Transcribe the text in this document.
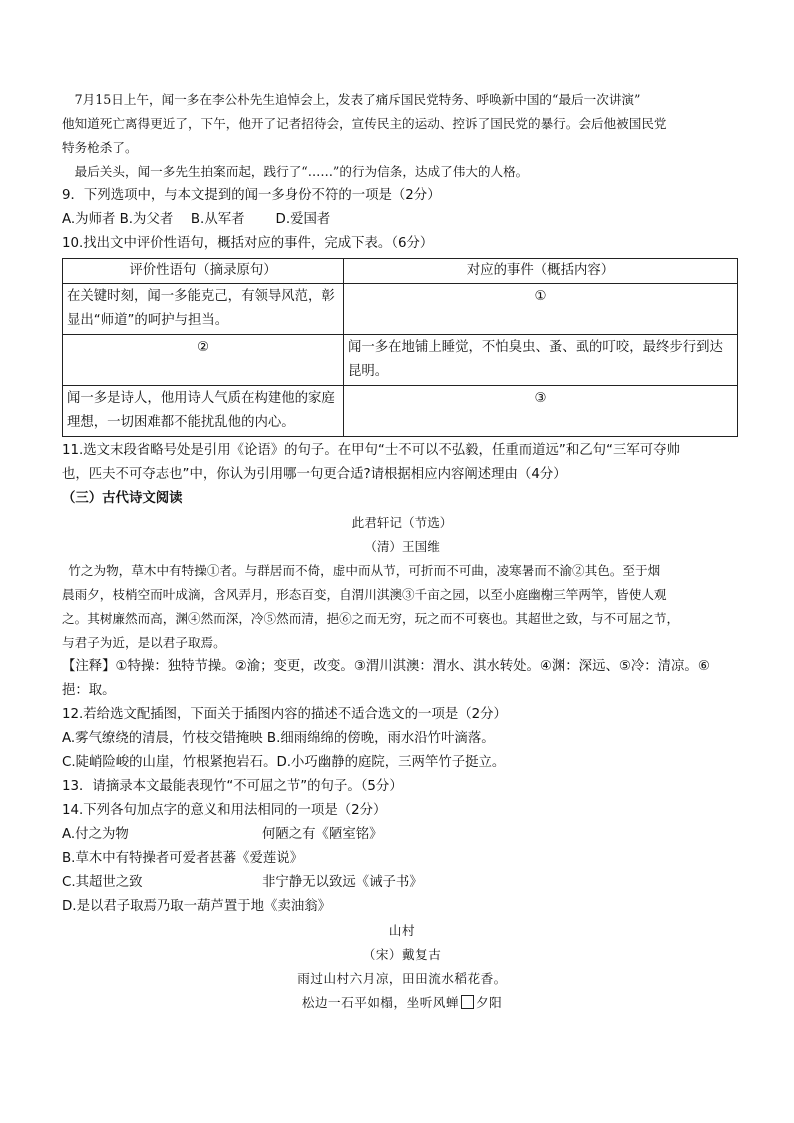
7月15日上午，闻一多在李公朴先生追悼会上，发表了痛斥国民党特务、呼唤新中国的“最后一次讲演”

他知道死亡离得更近了，下午，他开了记者招待会，宣传民主的运动、控诉了国民党的暴行。会后他被国民党

特务枪杀了。

最后关头，闻一多先生拍案而起，践行了“……”的行为信条，达成了伟大的人格。

9．下列选项中，与本文提到的闻一多身份不符的一项是（2分）

A.为师者 B.为父者　 B.从军者　　 D.爱国者

10.找出文中评价性语句，概括对应的事件，完成下表。（6分）

评价性语句（摘录原句）	对应的事件（概括内容）
在关键时刻，闻一多能克己，有领导风范，彰显出“师道”的呵护与担当。	①
②	闻一多在地铺上睡觉，不怕臭虫、蚤、虱的叮咬，最终步行到达昆明。
闻一多是诗人，他用诗人气质在构建他的家庭理想，一切困难都不能扰乱他的内心。	③

11.选文末段省略号处是引用《论语》的句子。在甲句“士不可以不弘毅，任重而道远”和乙句“三军可夺帅

也，匹夫不可夺志也”中，你认为引用哪一句更合适?请根据相应内容阐述理由（4分）

（三）古代诗文阅读

此君轩记（节选）

（清）王国维

竹之为物，草木中有特操①者。与群居而不倚，虚中而从节，可折而不可曲，凌寒暑而不渝②其色。至于烟

晨雨夕，枝梢空而叶成滴，含风弄月，形态百变，自渭川淇澳③千亩之园，以至小庭幽榭三竿两竿，皆使人观

之。其树廉然而高，渊④然而深，冷⑤然而清，挹⑥之而无穷，玩之而不可亵也。其超世之致，与不可屈之节，

与君子为近，是以君子取焉。

【注释】①特操：独特节操。②渝；变更，改变。③渭川淇澳：渭水、淇水转处。④渊：深远、⑤冷：清凉。⑥

挹：取。

12.若给选文配插图，下面关于插图内容的描述不适合选文的一项是（2分）

A.雾气缭绕的清晨，竹枝交错掩映 B.细雨绵绵的傍晚，雨水沿竹叶滴落。

C.陡峭险峻的山崖，竹根紧抱岩石。D.小巧幽静的庭院，三两竿竹子挺立。

13．请摘录本文最能表现竹“不可屈之节”的句子。（5分）

14.下列各句加点字的意义和用法相同的一项是（2分）

A.付之为物	何陋之有《陋室铭》

B.草木中有特操者可爱者甚蕃《爱莲说》

C.其超世之致	非宁静无以致远《诫子书》

D.是以君子取焉乃取一葫芦置于地《卖油翁》

山村

（宋）戴复古

雨过山村六月凉，田田流水稻花香。

松边一石平如榻，坐听风蝉 夕阳
